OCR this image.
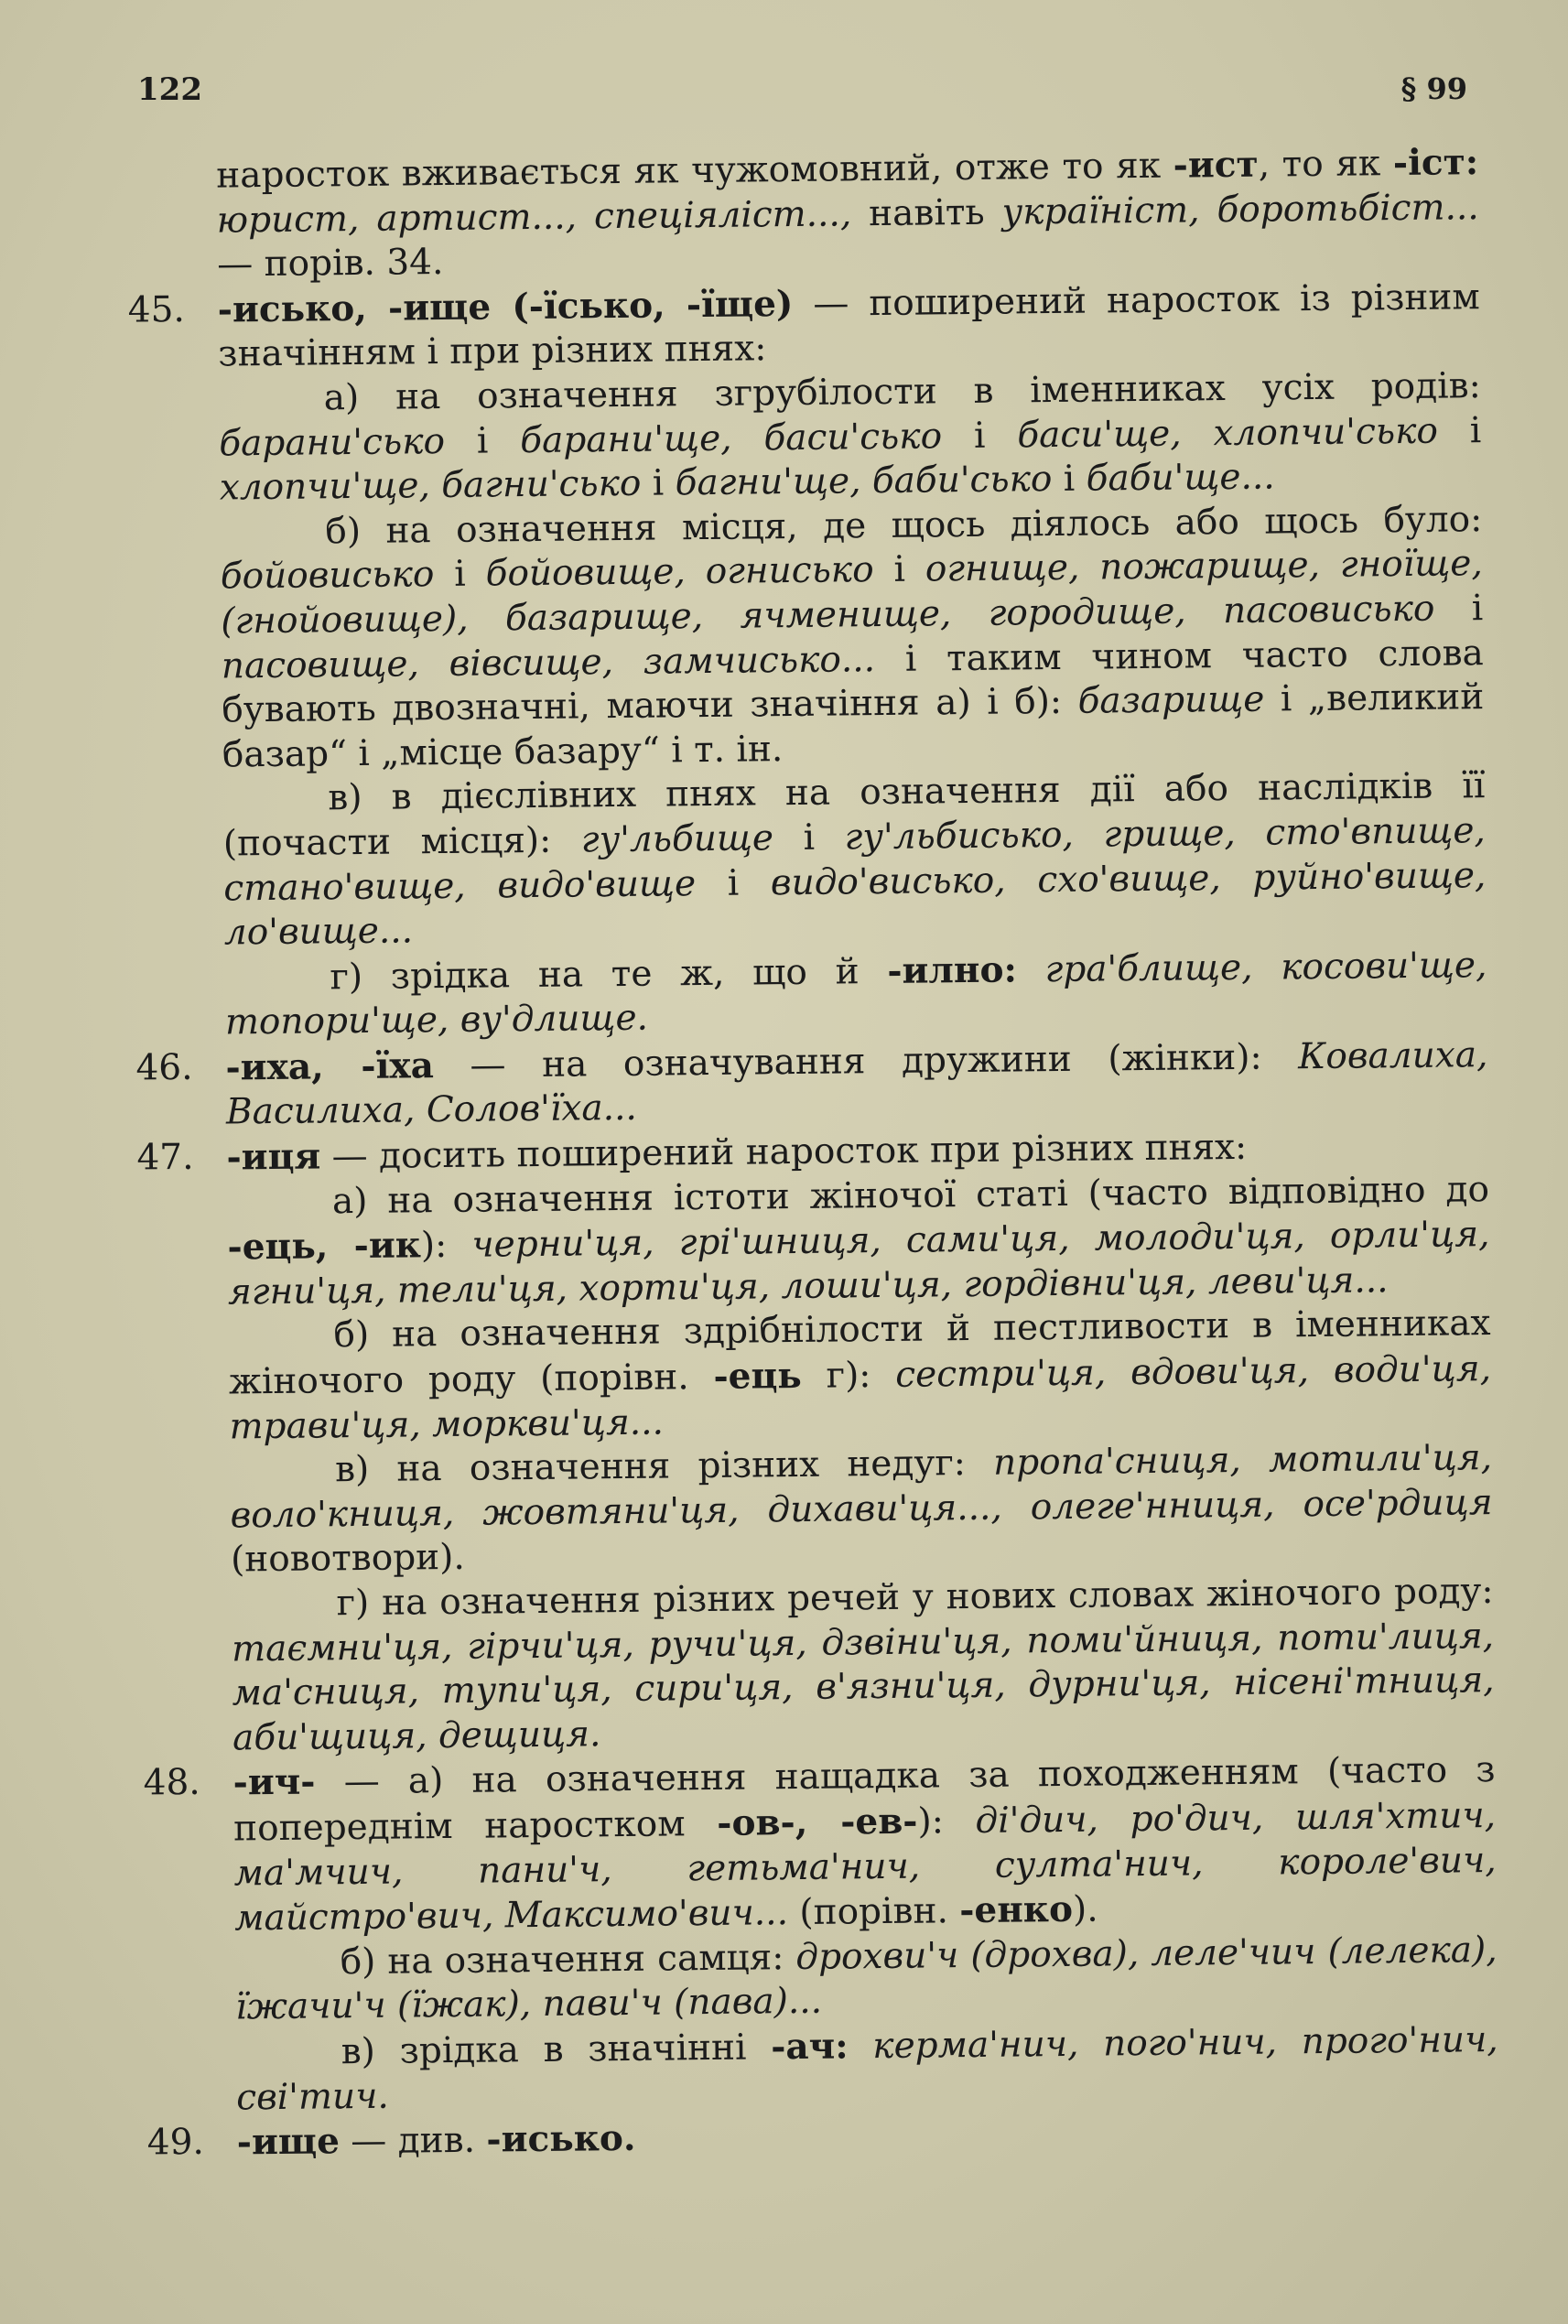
122	§ 99

наросток вживається як чужомовний, отже то як -ист, то як -іст: юрист, артист..., спеціяліст..., навіть українiст, боротьбіст... — порів. 34.

45. -исько, -ище (-їсько, -їще) — поширений наросток із різним значінням і при різних пнях:

а) на означення згрубілости в іменниках усіх родів: барани'сько і барани'ще, баси'сько і баси'ще, хлопчи'сько і хлопчи'ще, багни'сько і багни'ще, баби'сько і баби'ще...

б) на означення місця, де щось діялось або щось було: бойовисько і бойовище, огнисько і огнище, пожарище, гноїще, (гнойовище), базарище, ячменище, городище, пасовисько і пасовище, вівсище, замчисько... і таким чином часто слова бувають двозначні, маючи значіння а) і б): базарище і „великий базар“ і „місце базару“ і т. ін.

в) в дієслівних пнях на означення дії або наслідків її (почасти місця): гу'льбище і гу'льбисько, грище, сто'впище, стано'вище, видо'вище і видо'висько, схо'вище, руйно'вище, ло'вище...

г) зрідка на те ж, що й -илно: гра'блище, косови'ще, топори'ще, ву'длище.

46. -иха, -їха — на означування дружини (жінки): Ковалиха, Василиха, Солов'їха...

47. -иця — досить поширений наросток при різних пнях:

а) на означення істоти жіночої статі (часто відповідно до -ець, -ик): черни'ця, грі'шниця, сами'ця, молоди'ця, орли'ця, ягни'ця, тели'ця, хорти'ця, лоши'ця, гордівни'ця, леви'ця...

б) на означення здрібнілости й пестливости в іменниках жіночого роду (порівн. -ець г): сестри'ця, вдови'ця, води'ця, трави'ця, моркви'ця...

в) на означення різних недуг: пропа'сниця, мотили'ця, воло'книця, жовтяни'ця, дихави'ця..., олеге'нниця, осе'рдиця (новотвори).

г) на означення різних речей у нових словах жіночого роду: таємни'ця, гірчи'ця, ручи'ця, дзвіни'ця, поми'йниця, поти'лиця, ма'сниця, тупи'ця, сири'ця, в'язни'ця, дурни'ця, нісені'тниця, аби'щиця, дещиця.

48. -ич- — а) на означення нащадка за походженням (часто з попереднім наростком -ов-, -ев-): ді'дич, ро'дич, шля'хтич, ма'мчич, пани'ч, гетьма'нич, султа'нич, короле'вич, майстро'вич, Максимо'вич... (порівн. -енко).

б) на означення самця: дрохви'ч (дрохва), леле'чич (лелека), їжачи'ч (їжак), пави'ч (пава)...

в) зрідка в значінні -ач: керма'нич, пого'нич, прого'нич, сві'тич.

49. -ище — див. -исько.
